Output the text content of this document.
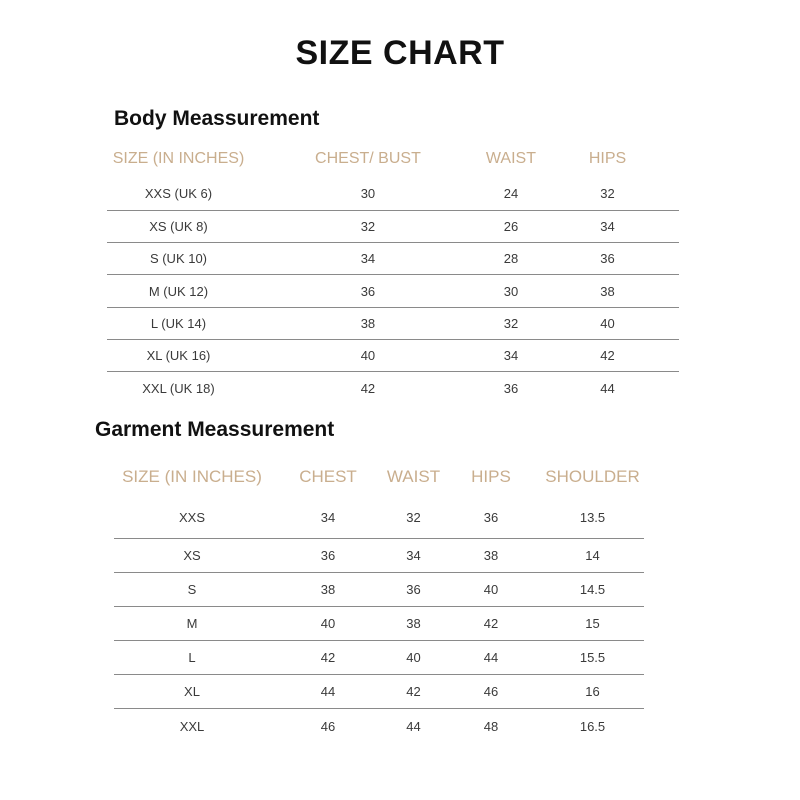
SIZE CHART
Body Meassurement
SIZE (IN INCHES)	CHEST/ BUST	WAIST	HIPS
XXS (UK 6)	30	24	32
XS (UK 8)	32	26	34
S (UK 10)	34	28	36
M (UK 12)	36	30	38
L (UK 14)	38	32	40
XL (UK 16)	40	34	42
XXL (UK 18)	42	36	44
Garment Meassurement
SIZE (IN INCHES)	CHEST	WAIST	HIPS	SHOULDER
XXS	34	32	36	13.5
XS	36	34	38	14
S	38	36	40	14.5
M	40	38	42	15
L	42	40	44	15.5
XL	44	42	46	16
XXL	46	44	48	16.5
